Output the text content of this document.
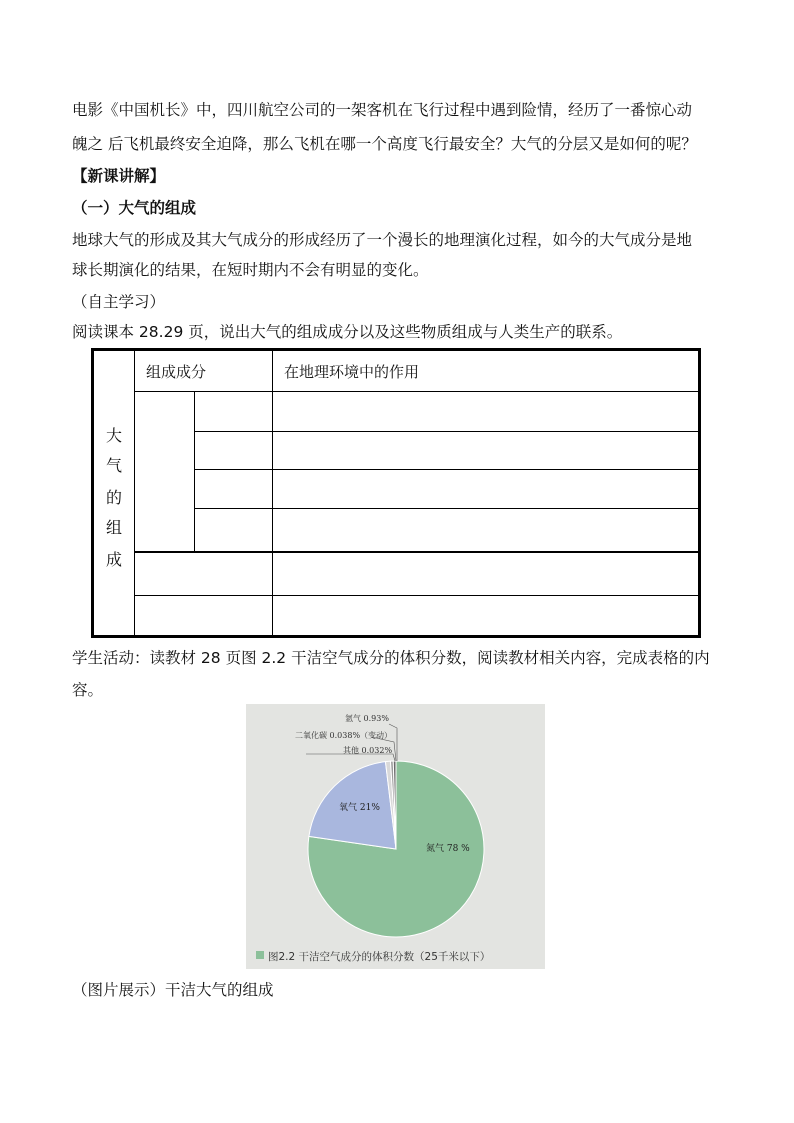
电影《中国机长》中，四川航空公司的一架客机在飞行过程中遇到险情，经历了一番惊心动

魄之 后飞机最终安全迫降，那么飞机在哪一个高度飞行最安全？大气的分层又是如何的呢？

【新课讲解】

（一）大气的组成

地球大气的形成及其大气成分的形成经历了一个漫长的地理演化过程，如今的大气成分是地

球长期演化的结果，在短时期内不会有明显的变化。

（自主学习）

阅读课本 28.29 页，说出大气的组成成分以及这些物质组成与人类生产的联系。

大
气
的
组
成
组成成分	在地理环境中的作用

学生活动：读教材 28 页图 2.2 干洁空气成分的体积分数，阅读教材相关内容，完成表格的内

容。

氩气 0.93%
二氧化碳 0.038%（变动）
其他 0.032%
氧气 21%
氮气 78 %
图2.2 干洁空气成分的体积分数（25千米以下）

（图片展示）干洁大气的组成
